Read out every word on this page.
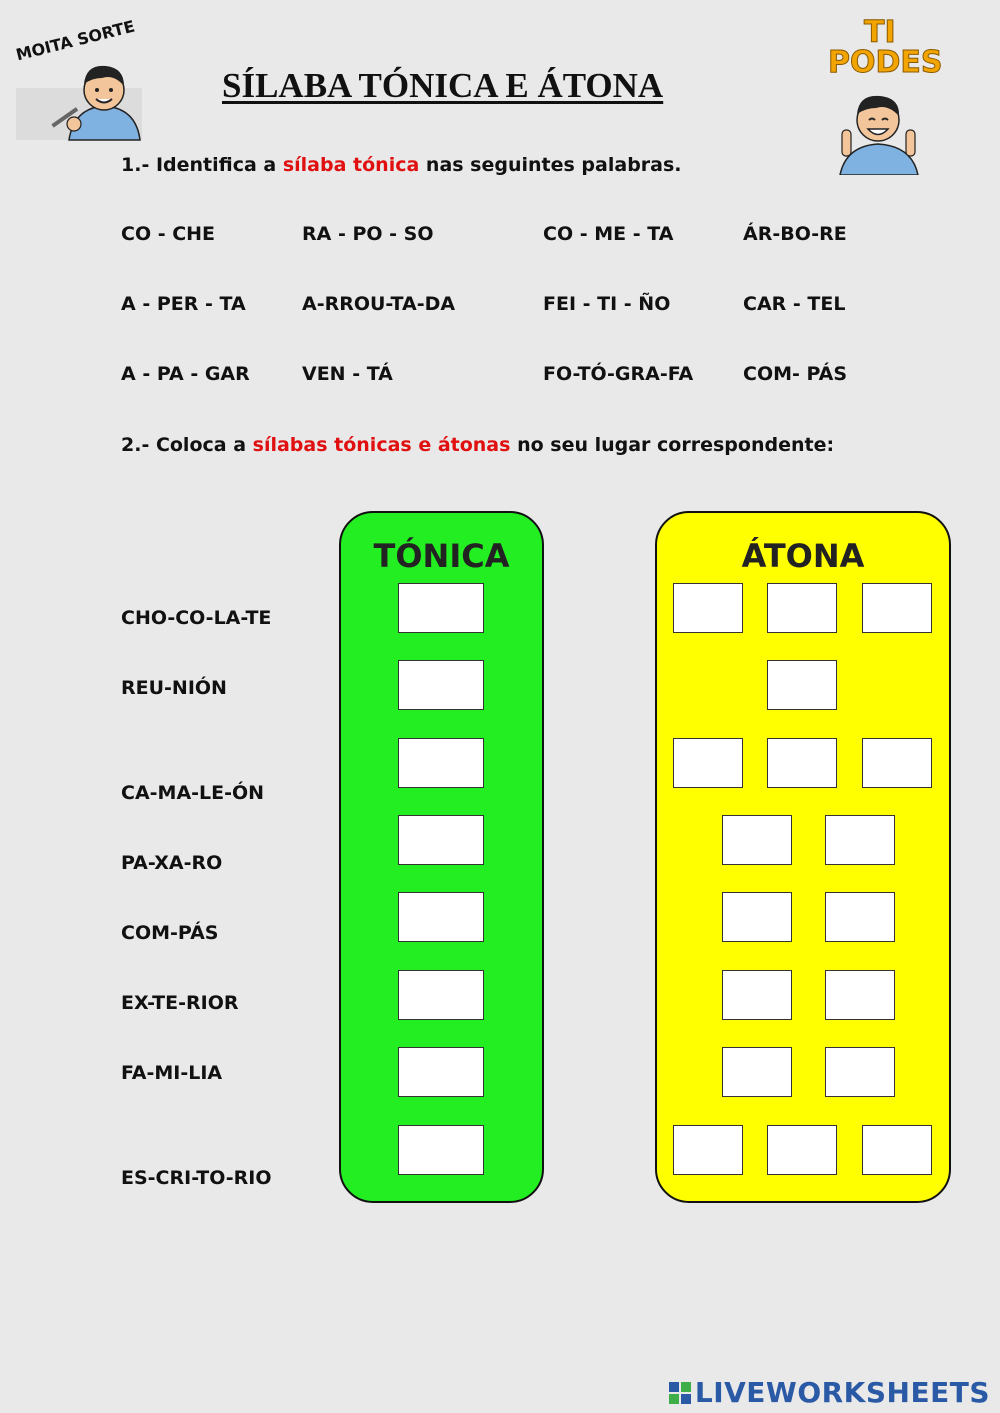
MOITA SORTE
SÍLABA TÓNICA E ÁTONA
TI
PODES
1.- Identifica a sílaba tónica nas seguintes palabras.
CO - CHE	RA - PO - SO	CO - ME - TA	ÁR-BO-RE
A - PER - TA	A-RROU-TA-DA	FEI - TI - ÑO	CAR - TEL
A - PA - GAR	VEN - TÁ	FO-TÓ-GRA-FA	COM- PÁS
2.- Coloca a sílabas tónicas e átonas no seu lugar correspondente:
TÓNICA	ÁTONA
CHO-CO-LA-TE
REU-NIÓN
CA-MA-LE-ÓN
PA-XA-RO
COM-PÁS
EX-TE-RIOR
FA-MI-LIA
ES-CRI-TO-RIO
LIVEWORKSHEETS
